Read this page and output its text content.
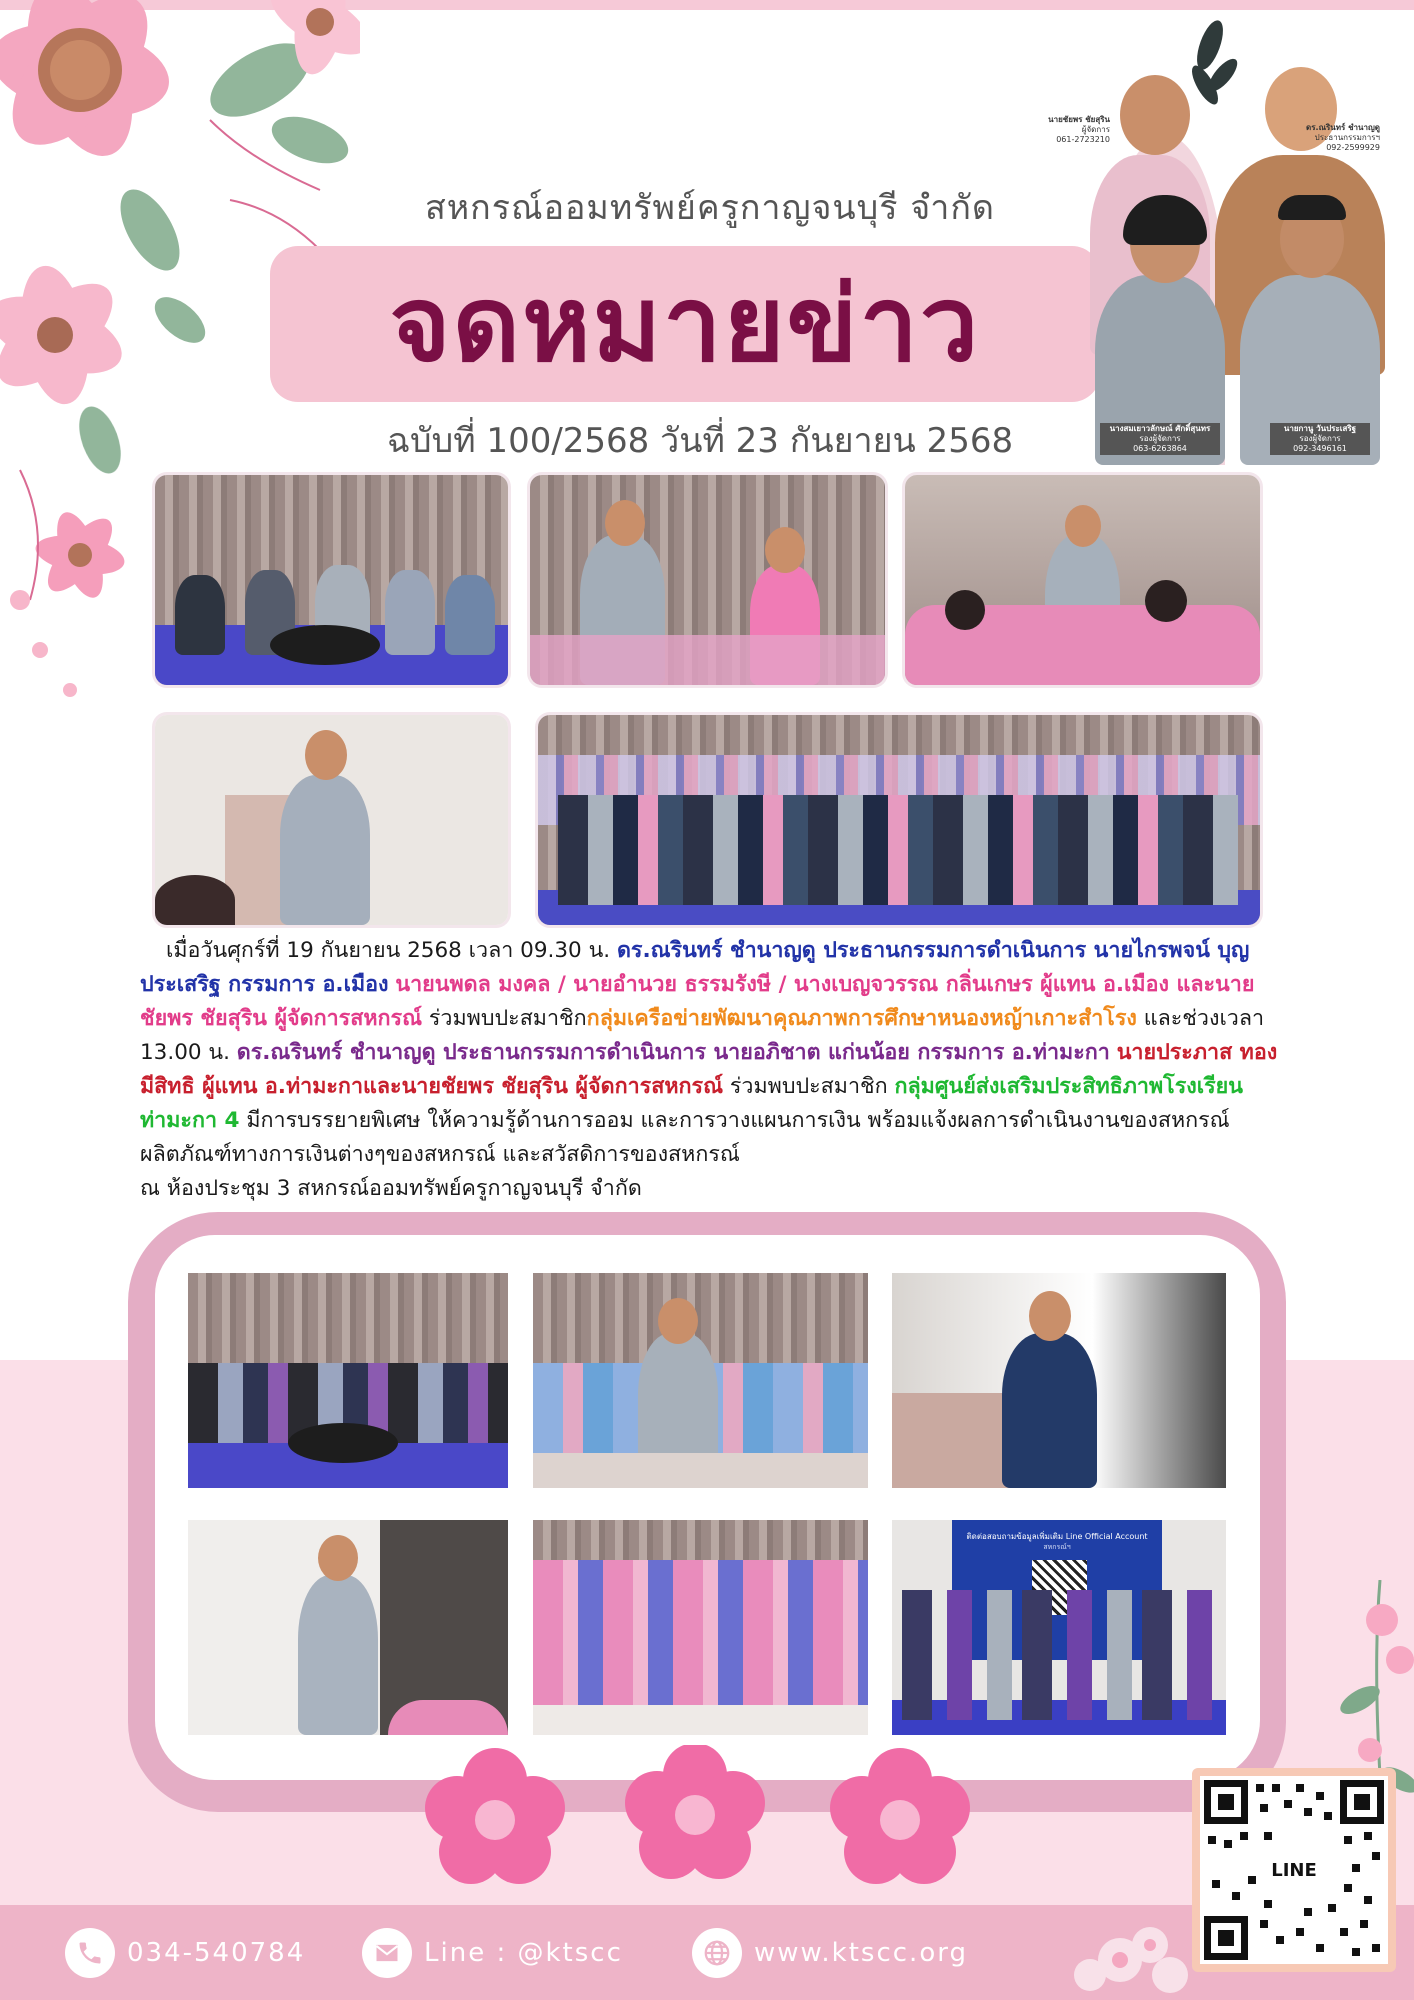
สหกรณ์ออมทรัพย์ครูกาญจนบุรี จำกัด
จดหมายข่าว
ฉบับที่ 100/2568 วันที่ 23 กันยายน 2568
นายชัยพร ชัยสุริน
ผู้จัดการ
061-2723210
ดร.ณรินทร์ ชำนาญดู
ประธานกรรมการฯ
092-2599929
นางสมเยาวลักษณ์ ศักดิ์สุนทร
รองผู้จัดการ
063-6263864
นายกานู วันประเสริฐ
รองผู้จัดการ
092-3496161

เมื่อวันศุกร์ที่ 19 กันยายน 2568 เวลา 09.30 น. ดร.ณรินทร์ ชำนาญดู ประธานกรรมการดำเนินการ นายไกรพจน์ บุญประเสริฐ กรรมการ อ.เมือง นายนพดล มงคล / นายอำนวย ธรรมรังษี / นางเบญจวรรณ กลิ่นเกษร ผู้แทน อ.เมือง และนายชัยพร ชัยสุริน ผู้จัดการสหกรณ์ ร่วมพบปะสมาชิกกลุ่มเครือข่ายพัฒนาคุณภาพการศึกษาหนองหญ้าเกาะสำโรง และช่วงเวลา 13.00 น. ดร.ณรินทร์ ชำนาญดู ประธานกรรมการดำเนินการ นายอภิชาต แก่นน้อย กรรมการ อ.ท่ามะกา นายประภาส ทองมีสิทธิ ผู้แทน อ.ท่ามะกาและนายชัยพร ชัยสุริน ผู้จัดการสหกรณ์ ร่วมพบปะสมาชิก กลุ่มศูนย์ส่งเสริมประสิทธิภาพโรงเรียนท่ามะกา 4 มีการบรรยายพิเศษ ให้ความรู้ด้านการออม และการวางแผนการเงิน พร้อมแจ้งผลการดำเนินงานของสหกรณ์ ผลิตภัณฑ์ทางการเงินต่างๆของสหกรณ์ และสวัสดิการของสหกรณ์

ณ ห้องประชุม 3 สหกรณ์ออมทรัพย์ครูกาญจนบุรี จำกัด

ติดต่อสอบถามข้อมูลเพิ่มเติม Line Official Account
สหกรณ์ฯ
034-540784	Line : @ktscc	www.ktscc.org
LINE
